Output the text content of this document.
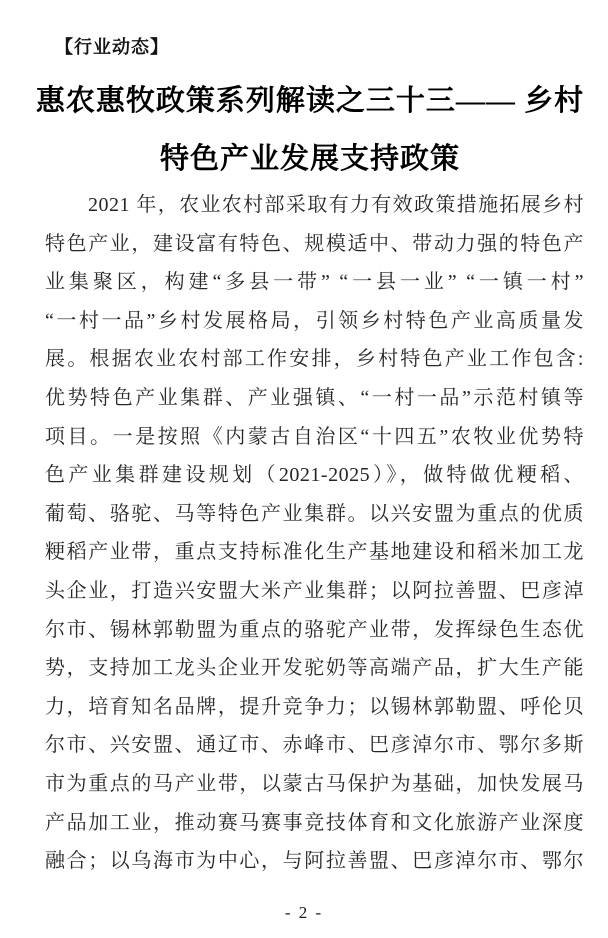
【行业动态】
惠农惠牧政策系列解读之三十三—— 乡村
特色产业发展支持政策

2021 年，农业农村部采取有力有效政策措施拓展乡村

特色产业，建设富有特色、规模适中、带动力强的特色产

业集聚区，构建“多县一带” “一县一业” “一镇一村”

“一村一品”乡村发展格局，引领乡村特色产业高质量发

展。根据农业农村部工作安排，乡村特色产业工作包含:

优势特色产业集群、产业强镇、“一村一品”示范村镇等

项目。一是按照《内蒙古自治区“十四五”农牧业优势特

色产业集群建设规划（2021-2025）》，做特做优粳稻、

葡萄、骆驼、马等特色产业集群。以兴安盟为重点的优质

粳稻产业带，重点支持标准化生产基地建设和稻米加工龙

头企业，打造兴安盟大米产业集群；以阿拉善盟、巴彦淖

尔市、锡林郭勒盟为重点的骆驼产业带，发挥绿色生态优

势，支持加工龙头企业开发驼奶等高端产品，扩大生产能

力，培育知名品牌，提升竞争力；以锡林郭勒盟、呼伦贝

尔市、兴安盟、通辽市、赤峰市、巴彦淖尔市、鄂尔多斯

市为重点的马产业带，以蒙古马保护为基础，加快发展马

产品加工业，推动赛马赛事竞技体育和文化旅游产业深度

融合；以乌海市为中心，与阿拉善盟、巴彦淖尔市、鄂尔

- 2 -
